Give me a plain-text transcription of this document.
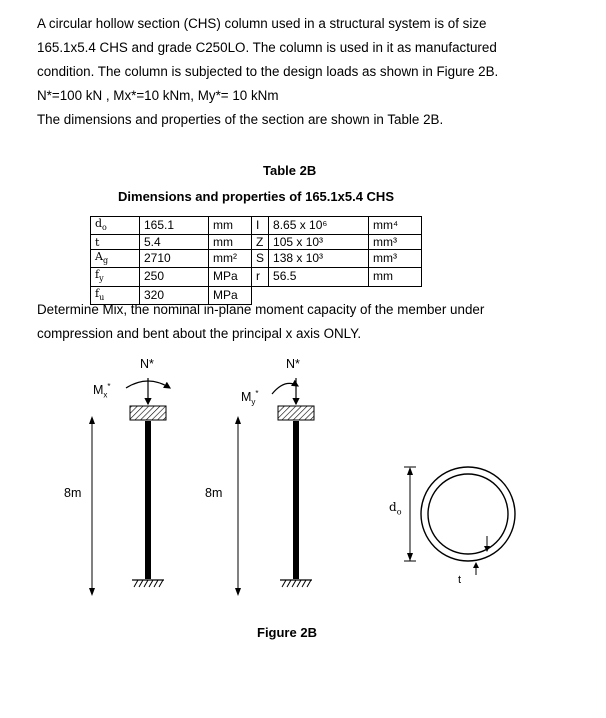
A circular hollow section (CHS) column used in a structural system is of size
165.1x5.4 CHS and grade C250LO. The column is used in it as manufactured
condition. The column is subjected to the design loads as shown in Figure 2B.
N*=100 kN , Mx*=10 kNm, My*= 10 kNm
The dimensions and properties of the section are shown in Table 2B.
Table 2B
Dimensions and properties of 165.1x5.4 CHS					
$d_o$	165.1	mm	I	8.65 x 10⁶	mm⁴
t	5.4	mm	Z	105 x 10³	mm³
$A_g$	2710	mm²	S	138 x 10³	mm³
$f_y$	250	MPa	r	56.5	mm
$f_u$	320	MPa			
Determine Mix, the nominal in-plane moment capacity of the member under
compression and bent about the principal x axis ONLY.
N*
$M_x^*$
8m
N*
$M_y^*$
8m
$d_o$
t
Figure 2B
